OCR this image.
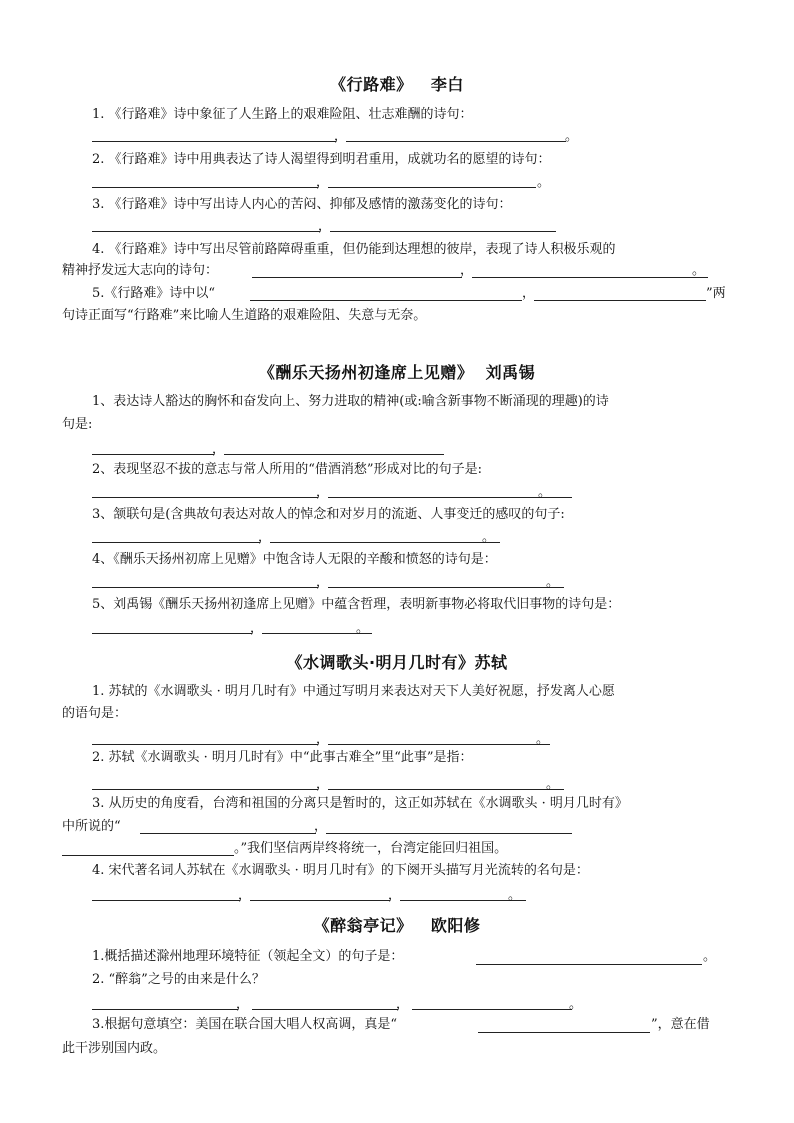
《行路难》   李白
1. 《行路难》诗中象征了人生路上的艰难险阻、壮志难酬的诗句：
，	。
2. 《行路难》诗中用典表达了诗人渴望得到明君重用，成就功名的愿望的诗句：
，	。
3. 《行路难》诗中写出诗人内心的苦闷、抑郁及感情的激荡变化的诗句：
，
4. 《行路难》诗中写出尽管前路障碍重重，但仍能到达理想的彼岸，表现了诗人积极乐观的
精神抒发远大志向的诗句：	，	。
5.《行路难》诗中以“	，	”两
句诗正面写“行路难”来比喻人生道路的艰难险阻、失意与无奈。
《酬乐天扬州初逢席上见赠》  刘禹锡
1、表达诗人豁达的胸怀和奋发向上、努力进取的精神(或:喻含新事物不断涌现的理趣)的诗
句是:
，
2、表现坚忍不拔的意志与常人所用的“借酒消愁”形成对比的句子是:
，	。
3、颔联句是(含典故句表达对故人的悼念和对岁月的流逝、人事变迁的感叹的句子:
，	。
4、《酬乐天扬州初席上见赠》中饱含诗人无限的辛酸和愤怒的诗句是：
，	。
5、刘禹锡《酬乐天扬州初逢席上见赠》中蕴含哲理，表明新事物必将取代旧事物的诗句是：
，	。
《水调歌头·明月几时有》苏轼
1. 苏轼的《水调歌头 · 明月几时有》中通过写明月来表达对天下人美好祝愿，抒发离人心愿
的语句是：
，	。
2. 苏轼《水调歌头 · 明月几时有》中“此事古难全”里“此事”是指：
，	。
3. 从历史的角度看，台湾和祖国的分离只是暂时的，这正如苏轼在《水调歌头 · 明月几时有》
中所说的“	，
。”我们坚信两岸终将统一，台湾定能回归祖国。
4. 宋代著名词人苏轼在《水调歌头 · 明月几时有》的下阕开头描写月光流转的名句是：
，	，	。
《醉翁亭记》   欧阳修
1.概括描述滁州地理环境特征（领起全文）的句子是：	。
2. “醉翁”之号的由来是什么？
，	，	。
3.根据句意填空：美国在联合国大唱人权高调，真是“	”，意在借
此干涉别国内政。
